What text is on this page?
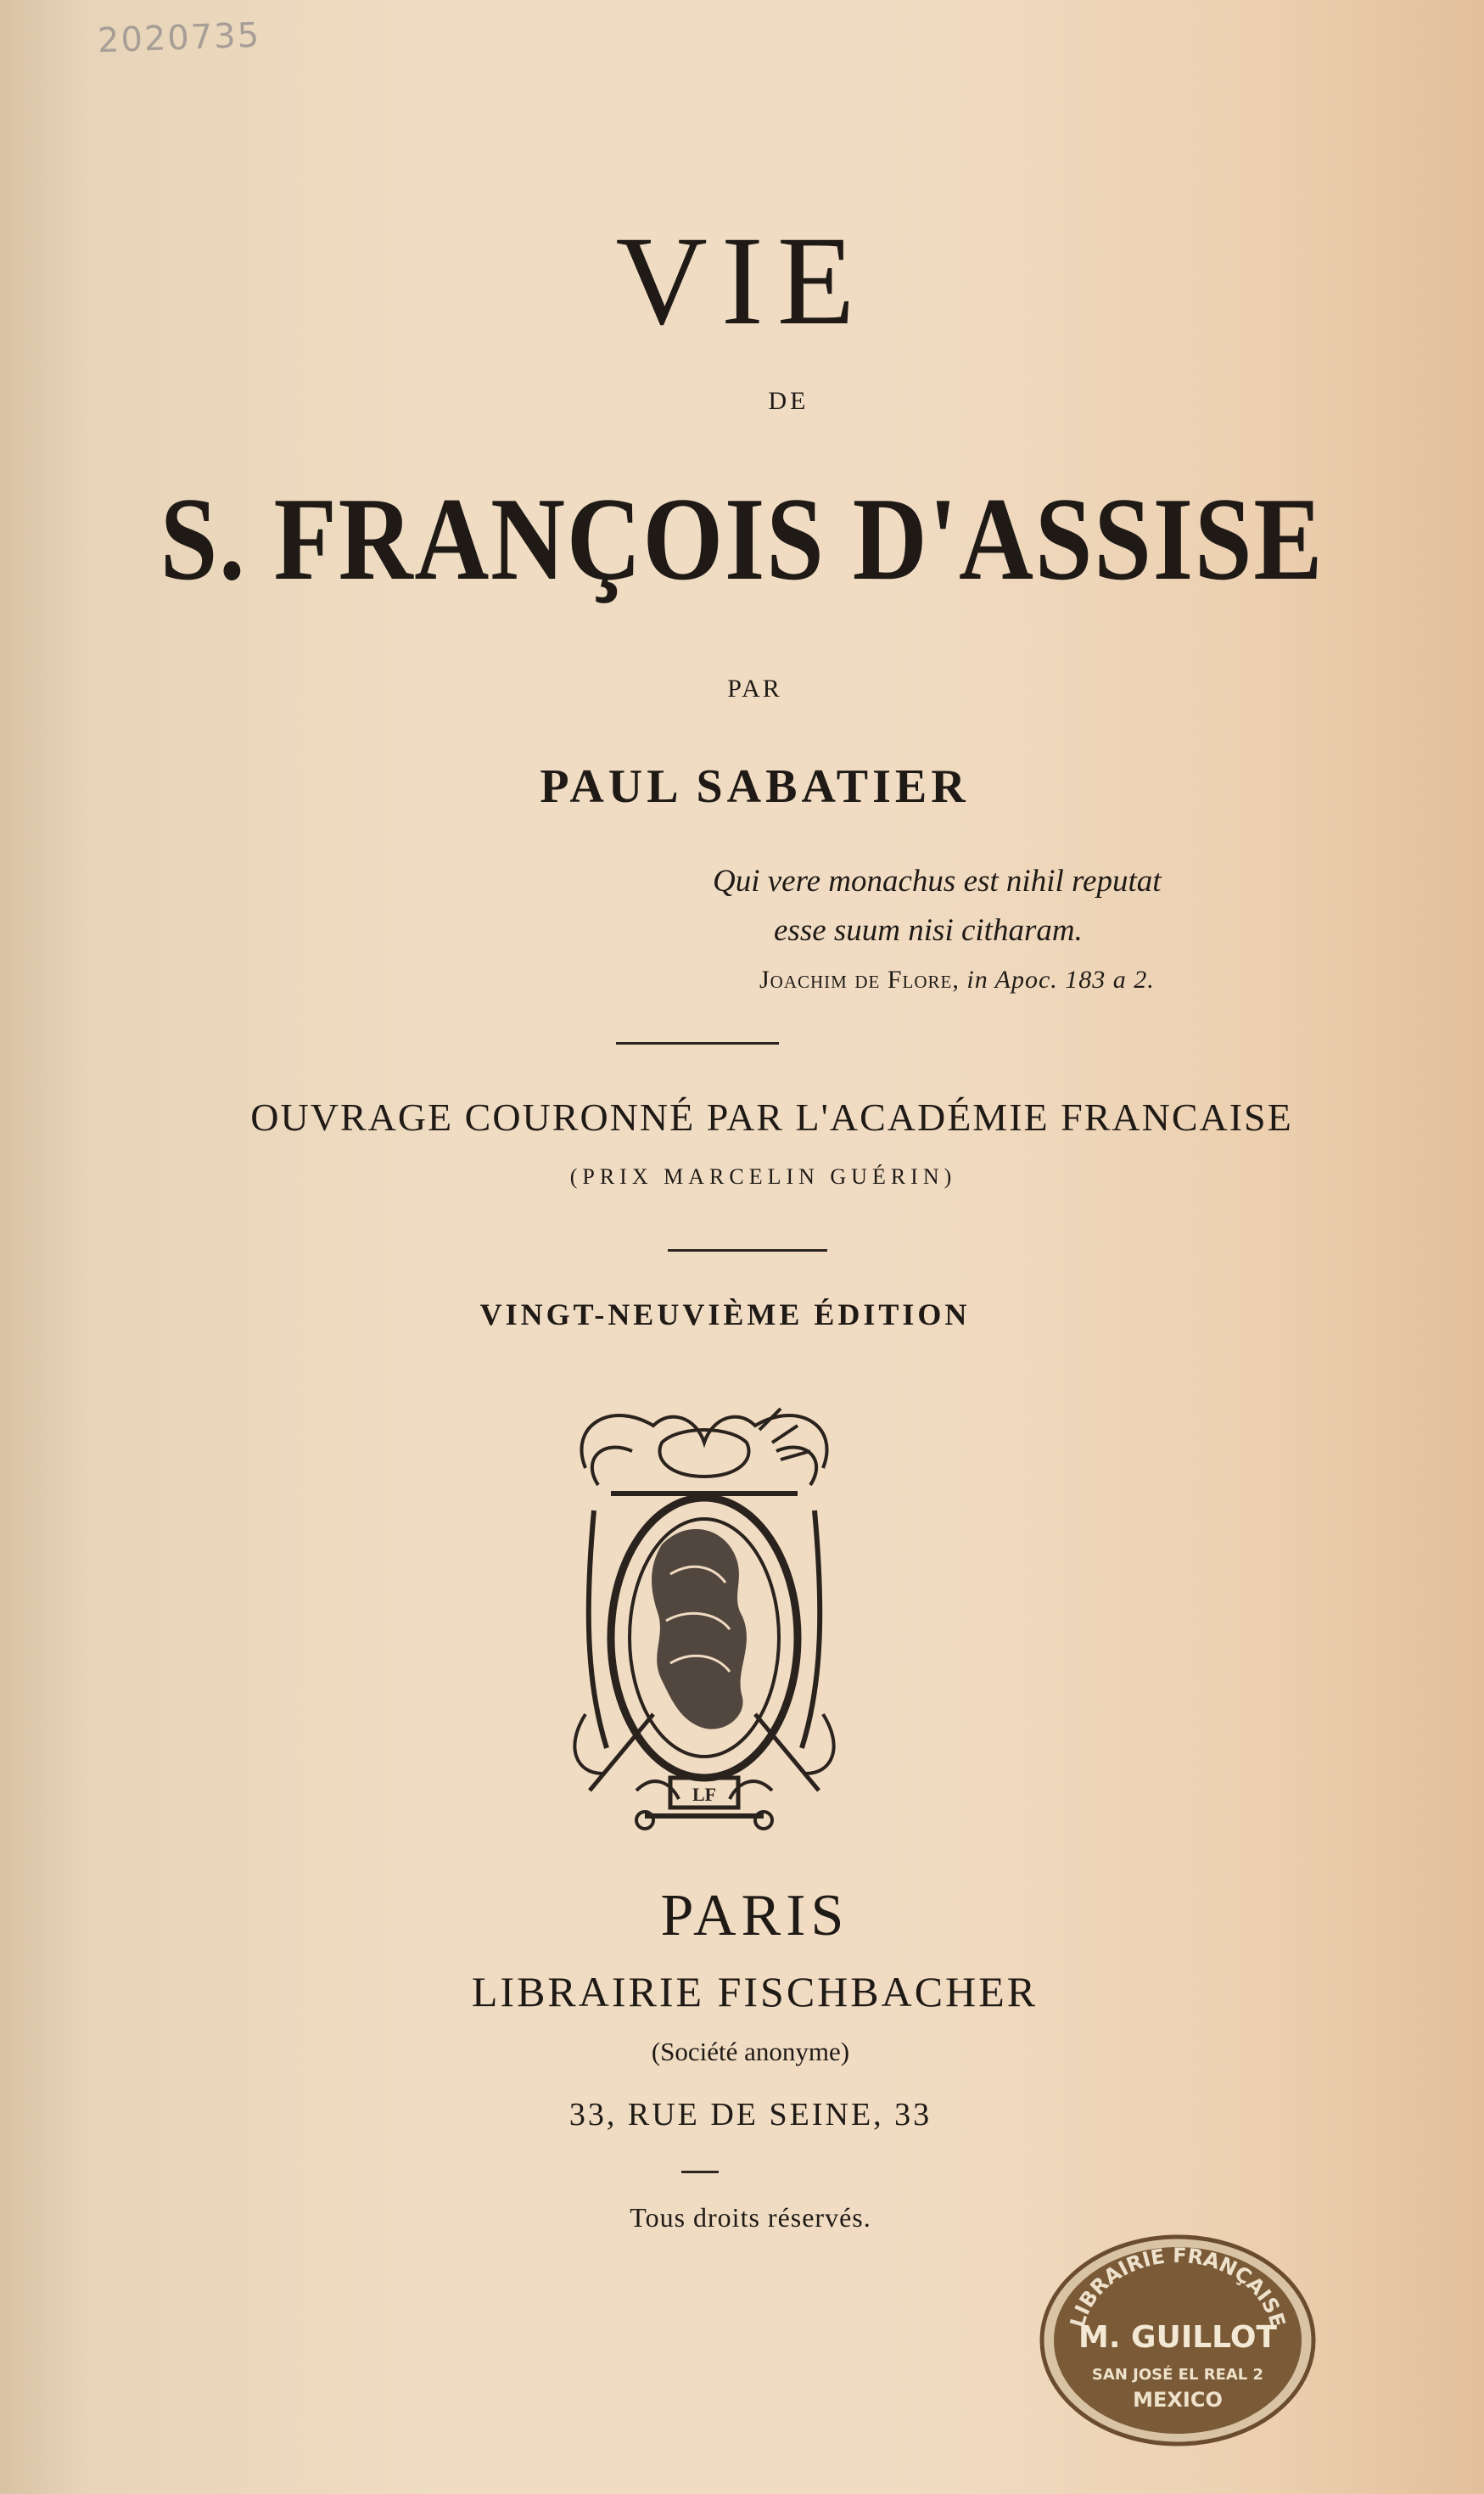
2020735
VIE
DE
S. FRANÇOIS D'ASSISE
PAR
PAUL SABATIER
Qui vere monachus est nihil reputat
esse suum nisi citharam.
Joachim de Flore, in Apoc. 183 a 2.
OUVRAGE COURONNÉ PAR L'ACADÉMIE FRANCAISE
(PRIX MARCELIN GUÉRIN)
VINGT-NEUVIÈME ÉDITION
LF
PARIS
LIBRAIRIE FISCHBACHER
(Société anonyme)
33, RUE DE SEINE, 33
Tous droits réservés.
LIBRAIRIE FRANÇAISE
M. GUILLOT
SAN JOSÉ EL REAL 2
MEXICO
